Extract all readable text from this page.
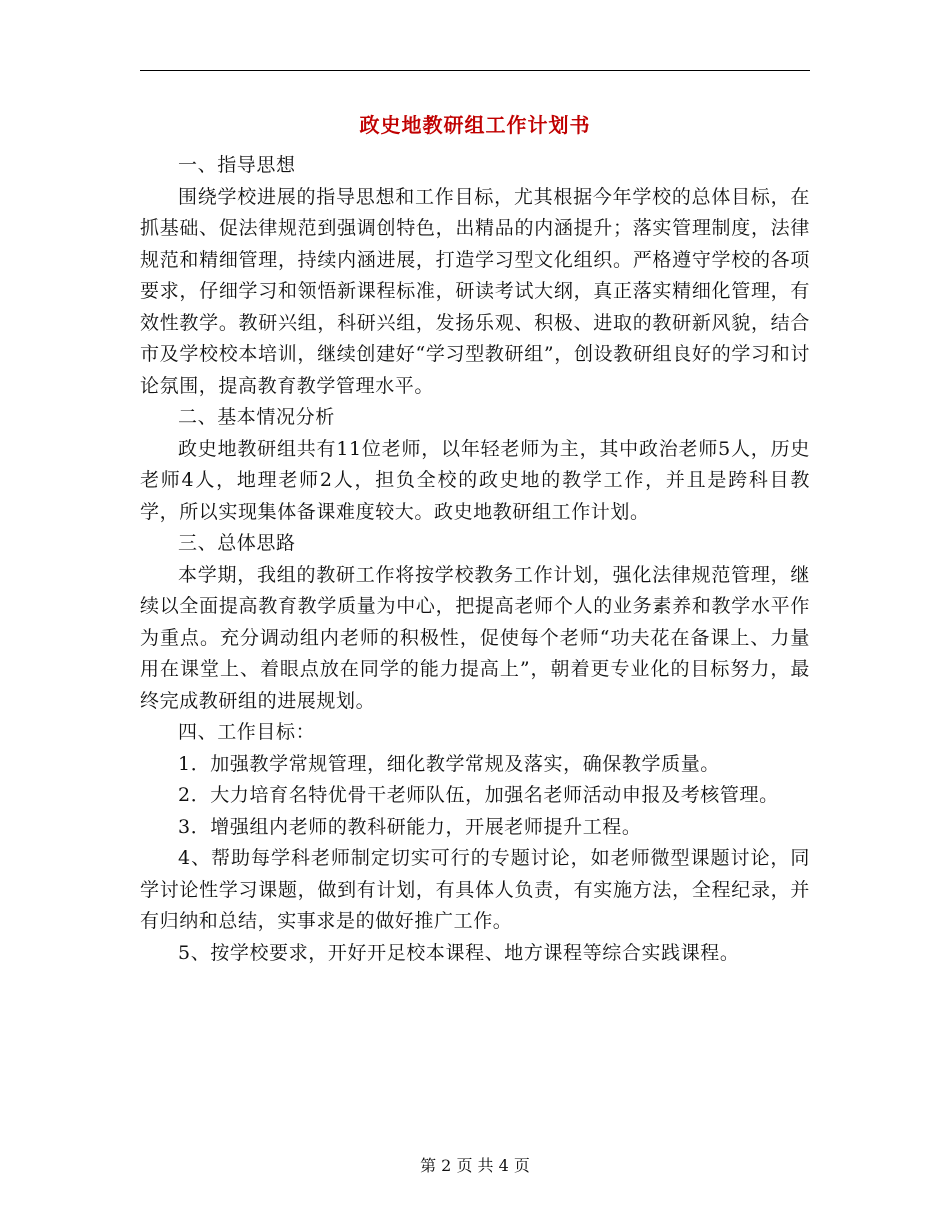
政史地教研组工作计划书

一、指导思想

围绕学校进展的指导思想和工作目标，尤其根据今年学校的总体目标，在抓基础、促法律规范到强调创特色，出精品的内涵提升；落实管理制度，法律规范和精细管理，持续内涵进展，打造学习型文化组织。严格遵守学校的各项要求，仔细学习和领悟新课程标准，研读考试大纲，真正落实精细化管理，有效性教学。教研兴组，科研兴组，发扬乐观、积极、进取的教研新风貌，结合市及学校校本培训，继续创建好“学习型教研组”，创设教研组良好的学习和讨论氛围，提高教育教学管理水平。

二、基本情况分析

政史地教研组共有11位老师，以年轻老师为主，其中政治老师5人，历史老师4人，地理老师2人，担负全校的政史地的教学工作，并且是跨科目教学，所以实现集体备课难度较大。政史地教研组工作计划。

三、总体思路

本学期，我组的教研工作将按学校教务工作计划，强化法律规范管理，继续以全面提高教育教学质量为中心，把提高老师个人的业务素养和教学水平作为重点。充分调动组内老师的积极性，促使每个老师“功夫花在备课上、力量用在课堂上、着眼点放在同学的能力提高上”，朝着更专业化的目标努力，最终完成教研组的进展规划。

四、工作目标：

1．加强教学常规管理，细化教学常规及落实，确保教学质量。

2．大力培育名特优骨干老师队伍，加强名老师活动申报及考核管理。

3．增强组内老师的教科研能力，开展老师提升工程。

4、帮助每学科老师制定切实可行的专题讨论，如老师微型课题讨论，同学讨论性学习课题，做到有计划，有具体人负责，有实施方法，全程纪录，并有归纳和总结，实事求是的做好推广工作。

5、按学校要求，开好开足校本课程、地方课程等综合实践课程。

第 2 页 共 4 页
